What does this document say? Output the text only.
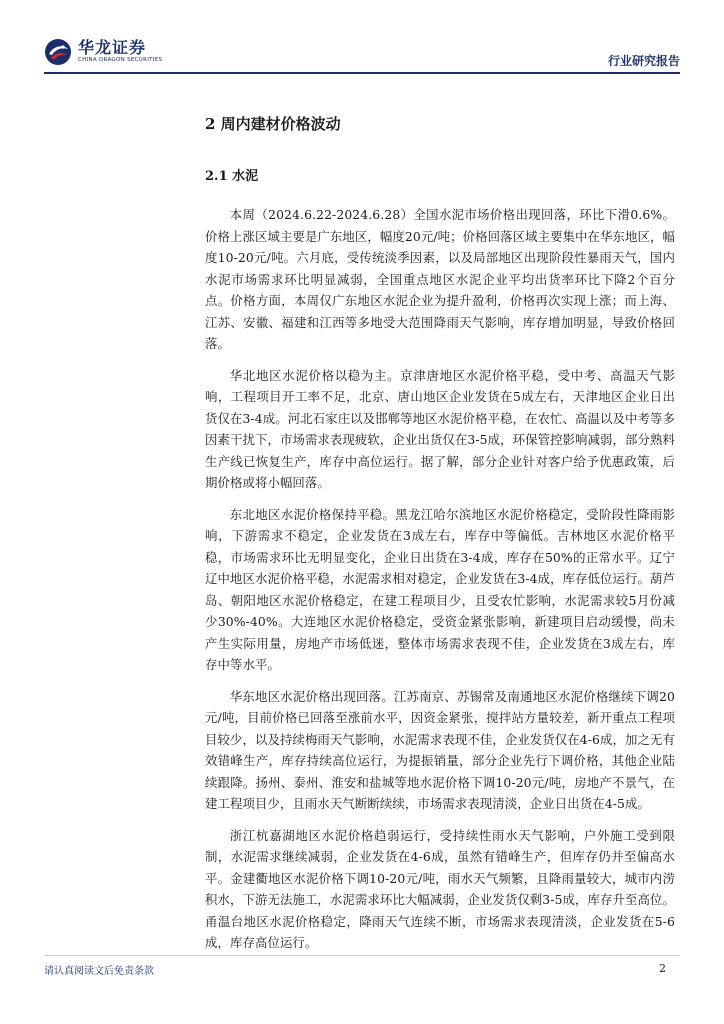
华龙证券
CHINA DRAGON SECURITIES	行业研究报告
2 周内建材价格波动
2.1 水泥

本周（2024.6.22-2024.6.28）全国水泥市场价格出现回落，环比下滑0.6%。价格上涨区域主要是广东地区，幅度20元/吨；价格回落区域主要集中在华东地区，幅度10-20元/吨。六月底，受传统淡季因素，以及局部地区出现阶段性暴雨天气，国内水泥市场需求环比明显减弱，全国重点地区水泥企业平均出货率环比下降2个百分点。价格方面，本周仅广东地区水泥企业为提升盈利，价格再次实现上涨；而上海、江苏、安徽、福建和江西等多地受大范围降雨天气影响，库存增加明显，导致价格回落。

华北地区水泥价格以稳为主。京津唐地区水泥价格平稳，受中考、高温天气影响，工程项目开工率不足，北京、唐山地区企业发货在5成左右，天津地区企业日出货仅在3-4成。河北石家庄以及邯郸等地区水泥价格平稳，在农忙、高温以及中考等多因素干扰下，市场需求表现疲软，企业出货仅在3-5成，环保管控影响减弱，部分熟料生产线已恢复生产，库存中高位运行。据了解，部分企业针对客户给予优惠政策，后期价格或将小幅回落。

东北地区水泥价格保持平稳。黑龙江哈尔滨地区水泥价格稳定，受阶段性降雨影响，下游需求不稳定，企业发货在3成左右，库存中等偏低。吉林地区水泥价格平稳，市场需求环比无明显变化，企业日出货在3-4成，库存在50%的正常水平。辽宁辽中地区水泥价格平稳，水泥需求相对稳定，企业发货在3-4成，库存低位运行。葫芦岛、朝阳地区水泥价格稳定，在建工程项目少，且受农忙影响，水泥需求较5月份减少30%-40%。大连地区水泥价格稳定，受资金紧张影响，新建项目启动缓慢，尚未产生实际用量，房地产市场低迷，整体市场需求表现不佳，企业发货在3成左右，库存中等水平。

华东地区水泥价格出现回落。江苏南京、苏锡常及南通地区水泥价格继续下调20元/吨，目前价格已回落至涨前水平，因资金紧张，搅拌站方量较差，新开重点工程项目较少，以及持续梅雨天气影响，水泥需求表现不佳，企业发货仅在4-6成，加之无有效错峰生产，库存持续高位运行，为提振销量，部分企业先行下调价格，其他企业陆续跟降。扬州、泰州、淮安和盐城等地水泥价格下调10-20元/吨，房地产不景气，在建工程项目少，且雨水天气断断续续，市场需求表现清淡，企业日出货在4-5成。

浙江杭嘉湖地区水泥价格趋弱运行，受持续性雨水天气影响，户外施工受到限制，水泥需求继续减弱，企业发货在4-6成，虽然有错峰生产，但库存仍并至偏高水平。金建衢地区水泥价格下调10-20元/吨，雨水天气频繁，且降雨量较大，城市内涝积水，下游无法施工，水泥需求环比大幅减弱，企业发货仅剩3-5成，库存升至高位。甬温台地区水泥价格稳定，降雨天气连续不断，市场需求表现清淡，企业发货在5-6成，库存高位运行。

请认真阅读文后免责条款	2
